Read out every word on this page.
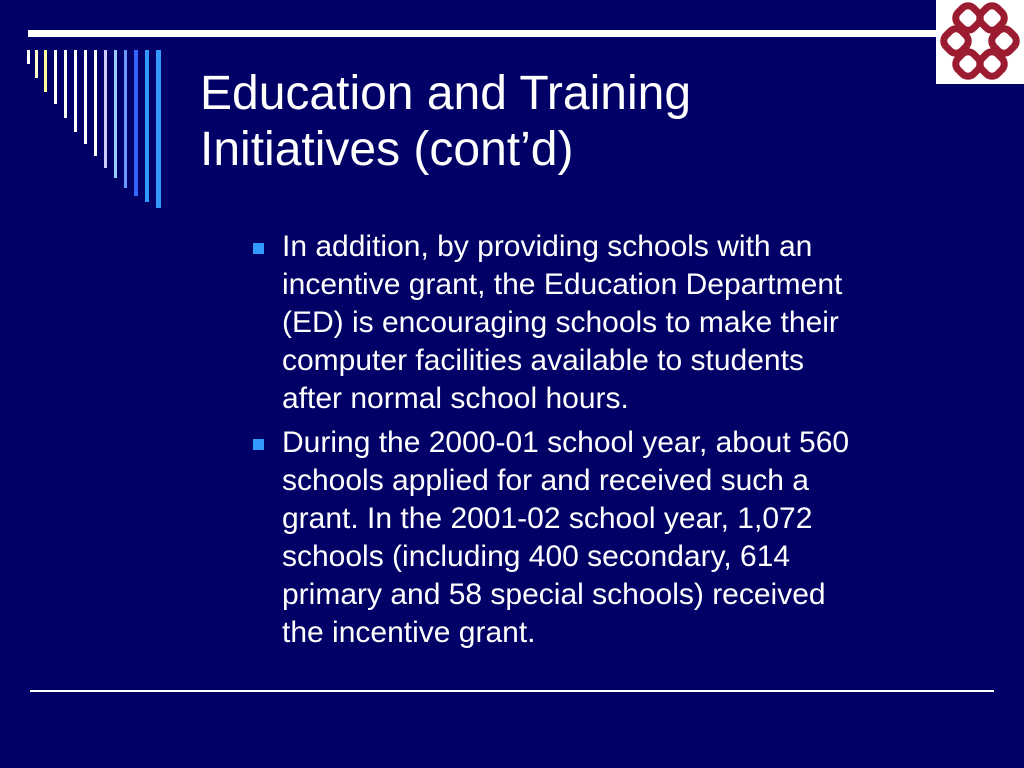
Education and Training
Initiatives (cont’d)
In addition, by providing schools with an
incentive grant, the Education Department
(ED) is encouraging schools to make their
computer facilities available to students
after normal school hours.
During the 2000-01 school year, about 560
schools applied for and received such a
grant. In the 2001-02 school year, 1,072
schools (including 400 secondary, 614
primary and 58 special schools) received
the incentive grant.
